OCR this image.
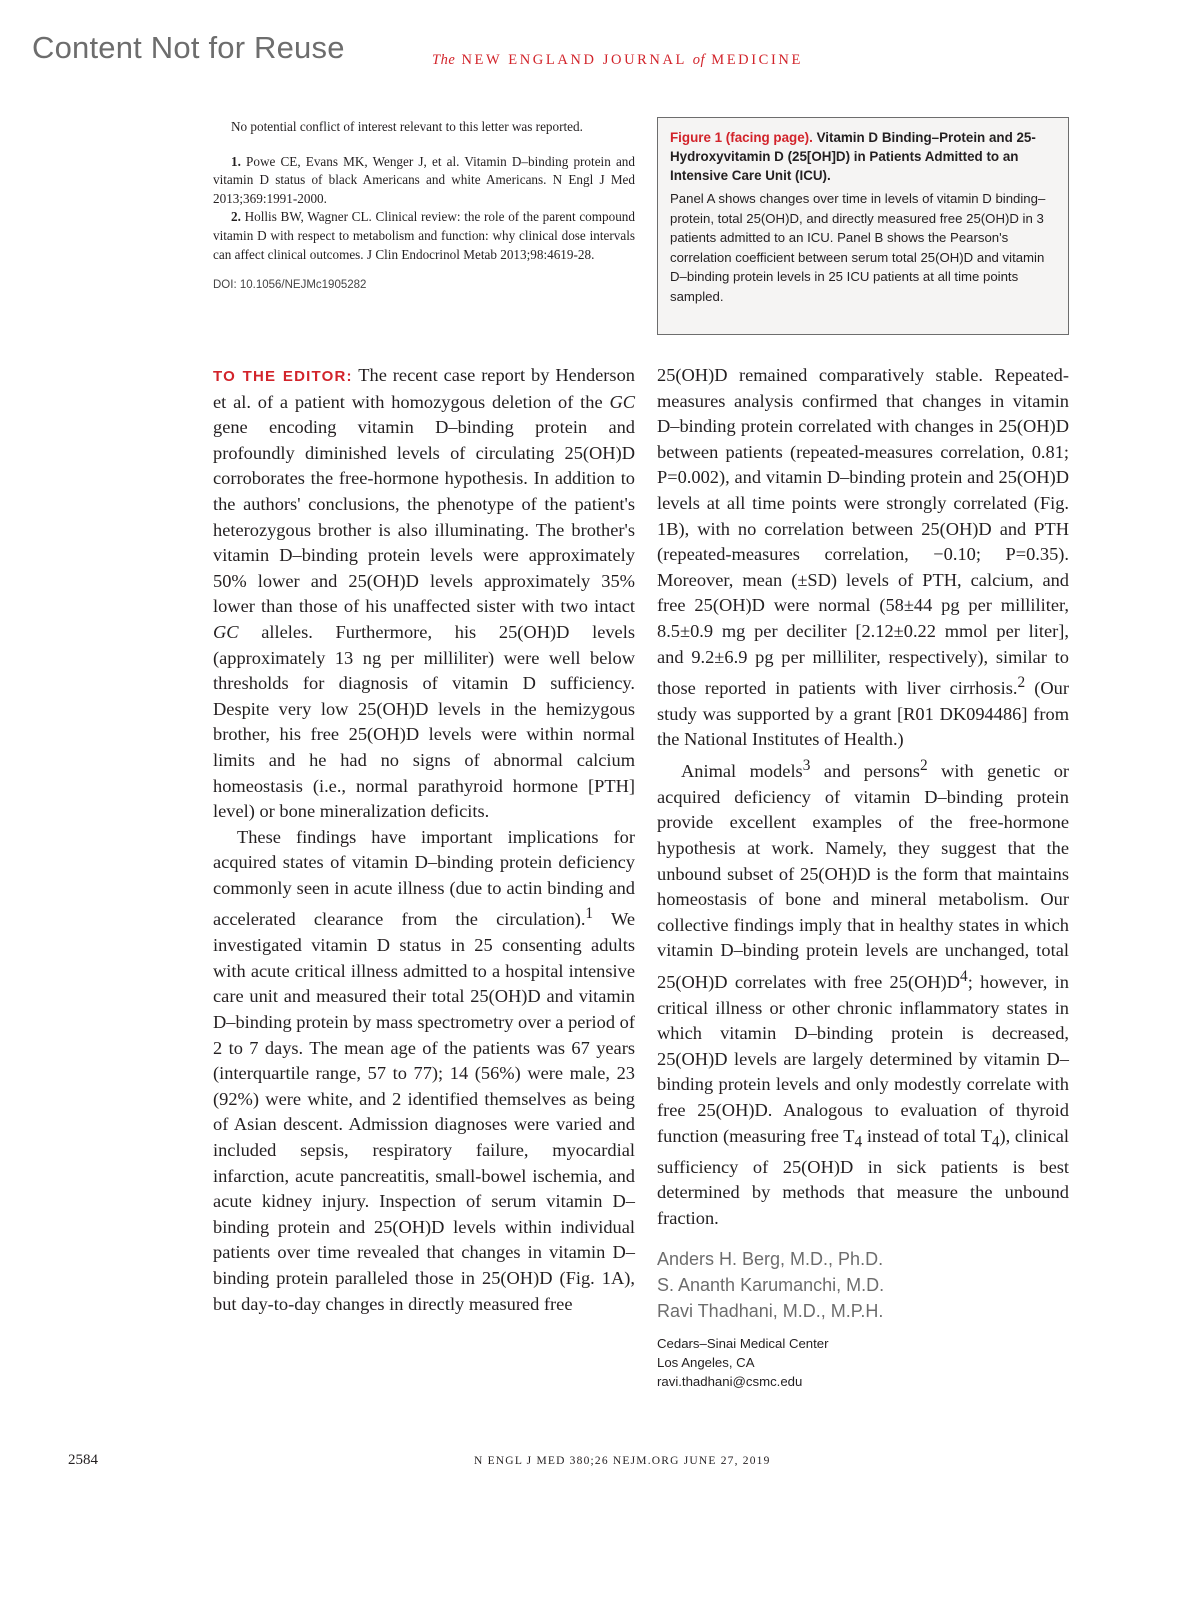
Content Not for Reuse	The NEW ENGLAND JOURNAL of MEDICINE

No potential conflict of interest relevant to this letter was reported.

1. Powe CE, Evans MK, Wenger J, et al. Vitamin D–binding protein and vitamin D status of black Americans and white Americans. N Engl J Med 2013;369:1991-2000.

2. Hollis BW, Wagner CL. Clinical review: the role of the parent compound vitamin D with respect to metabolism and function: why clinical dose intervals can affect clinical outcomes. J Clin Endocrinol Metab 2013;98:4619-28.

DOI: 10.1056/NEJMc1905282

Figure 1 (facing page). Vitamin D Binding–Protein and 25-Hydroxyvitamin D (25[OH]D) in Patients Admitted to an Intensive Care Unit (ICU).

Panel A shows changes over time in levels of vitamin D binding–protein, total 25(OH)D, and directly measured free 25(OH)D in 3 patients admitted to an ICU. Panel B shows the Pearson's correlation coefficient between serum total 25(OH)D and vitamin D–binding protein levels in 25 ICU patients at all time points sampled.

TO THE EDITOR: The recent case report by Henderson et al. of a patient with homozygous deletion of the GC gene encoding vitamin D–binding protein and profoundly diminished levels of circulating 25(OH)D corroborates the free-hormone hypothesis. In addition to the authors' conclusions, the phenotype of the patient's heterozygous brother is also illuminating. The brother's vitamin D–binding protein levels were approximately 50% lower and 25(OH)D levels approximately 35% lower than those of his unaffected sister with two intact GC alleles. Furthermore, his 25(OH)D levels (approximately 13 ng per milliliter) were well below thresholds for diagnosis of vitamin D sufficiency. Despite very low 25(OH)D levels in the hemizygous brother, his free 25(OH)D levels were within normal limits and he had no signs of abnormal calcium homeostasis (i.e., normal parathyroid hormone [PTH] level) or bone mineralization deficits.

These findings have important implications for acquired states of vitamin D–binding protein deficiency commonly seen in acute illness (due to actin binding and accelerated clearance from the circulation).$^1$ We investigated vitamin D status in 25 consenting adults with acute critical illness admitted to a hospital intensive care unit and measured their total 25(OH)D and vitamin D–binding protein by mass spectrometry over a period of 2 to 7 days. The mean age of the patients was 67 years (interquartile range, 57 to 77); 14 (56%) were male, 23 (92%) were white, and 2 identified themselves as being of Asian descent. Admission diagnoses were varied and included sepsis, respiratory failure, myocardial infarction, acute pancreatitis, small-bowel ischemia, and acute kidney injury. Inspection of serum vitamin D–binding protein and 25(OH)D levels within individual patients over time revealed that changes in vitamin D–binding protein paralleled those in 25(OH)D (Fig. 1A), but day-to-day changes in directly measured free

25(OH)D remained comparatively stable. Repeated-measures analysis confirmed that changes in vitamin D–binding protein correlated with changes in 25(OH)D between patients (repeated-measures correlation, 0.81; P=0.002), and vitamin D–binding protein and 25(OH)D levels at all time points were strongly correlated (Fig. 1B), with no correlation between 25(OH)D and PTH (repeated-measures correlation, −0.10; P=0.35). Moreover, mean (±SD) levels of PTH, calcium, and free 25(OH)D were normal (58±44 pg per milliliter, 8.5±0.9 mg per deciliter [2.12±0.22 mmol per liter], and 9.2±6.9 pg per milliliter, respectively), similar to those reported in patients with liver cirrhosis.$^2$ (Our study was supported by a grant [R01 DK094486] from the National Institutes of Health.)

Animal models$^3$ and persons$^2$ with genetic or acquired deficiency of vitamin D–binding protein provide excellent examples of the free-hormone hypothesis at work. Namely, they suggest that the unbound subset of 25(OH)D is the form that maintains homeostasis of bone and mineral metabolism. Our collective findings imply that in healthy states in which vitamin D–binding protein levels are unchanged, total 25(OH)D correlates with free $25(OH)D^4$; however, in critical illness or other chronic inflammatory states in which vitamin D–binding protein is decreased, 25(OH)D levels are largely determined by vitamin D–binding protein levels and only modestly correlate with free 25(OH)D. Analogous to evaluation of thyroid function (measuring free $T_4$ instead of total $T_4$), clinical sufficiency of 25(OH)D in sick patients is best determined by methods that measure the unbound fraction.

Anders H. Berg, M.D., Ph.D.
S. Ananth Karumanchi, M.D.
Ravi Thadhani, M.D., M.P.H.
Cedars–Sinai Medical Center
Los Angeles, CA
ravi.thadhani@csmc.edu
2584	N ENGL J MED 380;26 NEJM.ORG JUNE 27, 2019
